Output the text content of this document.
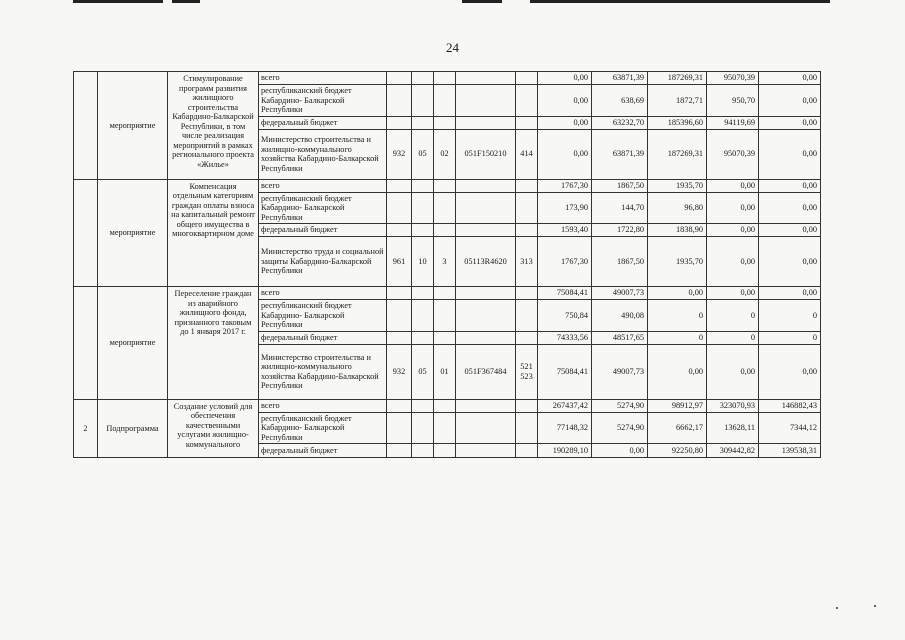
24
	мероприятие	Стимулирование программ развития жилищного строительства Кабардино-Балкарской Республики, в том числе реализация мероприятий в рамках регионального проекта «Жилье»	всего						0,00	63871,39	187269,31	95070,39	0,00
			республиканский бюджет Кабардино- Балкарской Республики						0,00	638,69	1872,71	950,70	0,00
			федеральный бюджет						0,00	63232,70	185396,60	94119,69	0,00
			Министерство строительства и жилищно-коммунального хозяйства Кабардино-Балкарской Республики	932	05	02	051F150210	414	0,00	63871,39	187269,31	95070,39	0,00
	мероприятие	Компенсация отдельным категориям граждан оплаты взноса на капитальный ремонт общего имущества в многоквартирном доме	всего						1767,30	1867,50	1935,70	0,00	0,00
			республиканский бюджет Кабардино- Балкарской Республики						173,90	144,70	96,80	0,00	0,00
			федеральный бюджет						1593,40	1722,80	1838,90	0,00	0,00
			Министерство труда и социальной защиты Кабардино-Балкарской Республики	961	10	3	05113R4620	313	1767,30	1867,50	1935,70	0,00	0,00
	мероприятие	Переселение граждан из аварийного жилищного фонда, признанного таковым до 1 января 2017 г.	всего						75084,41	49007,73	0,00	0,00	0,00
			республиканский бюджет Кабардино- Балкарской Республики						750,84	490,08	0	0	0
			федеральный бюджет						74333,56	48517,65	0	0	0
			Министерство строительства и жилищно-коммунального хозяйства Кабардино-Балкарской Республики	932	05	01	051F367484	521 523	75084,41	49007,73	0,00	0,00	0,00
2	Подпрограмма	Создание условий для обеспечения качественными услугами жилищно-коммунального	всего						267437,42	5274,90	98912,97	323070,93	146882,43
			республиканский бюджет Кабардино- Балкарской Республики						77148,32	5274,90	6662,17	13628,11	7344,12
			федеральный бюджет						190289,10	0,00	92250,80	309442,82	139538,31
